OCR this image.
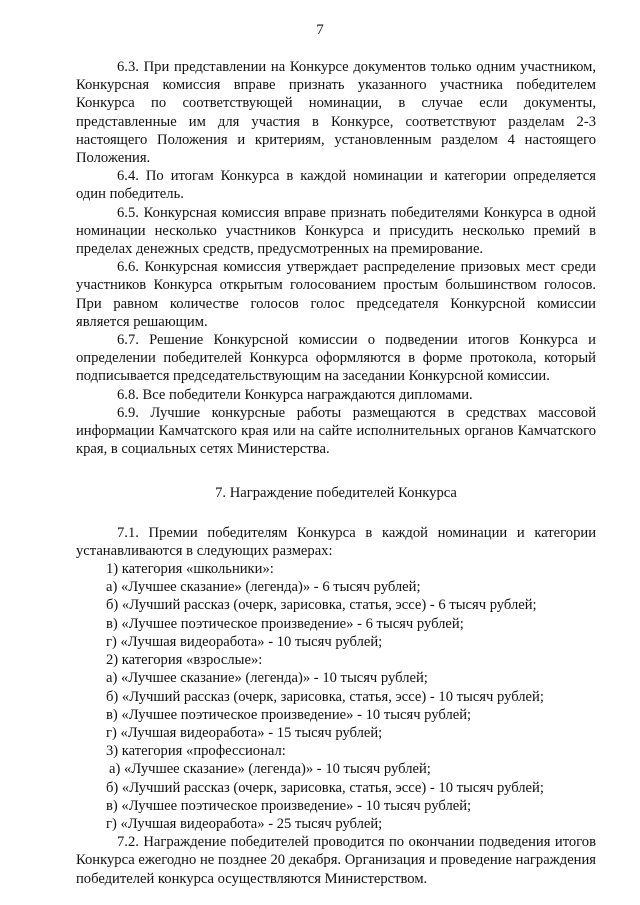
7

6.3. При представлении на Конкурсе документов только одним участником, Конкурсная комиссия вправе признать указанного участника победителем Конкурса по соответствующей номинации, в случае если документы, представленные им для участия в Конкурсе, соответствуют разделам 2-3 настоящего Положения и критериям, установленным разделом 4 настоящего Положения.

6.4. По итогам Конкурса в каждой номинации и категории определяется один победитель.

6.5. Конкурсная комиссия вправе признать победителями Конкурса в одной номинации несколько участников Конкурса и присудить несколько премий в пределах денежных средств, предусмотренных на премирование.

6.6. Конкурсная комиссия утверждает распределение призовых мест среди участников Конкурса открытым голосованием простым большинством голосов. При равном количестве голосов голос председателя Конкурсной комиссии является решающим.

6.7. Решение Конкурсной комиссии о подведении итогов Конкурса и определении победителей Конкурса оформляются в форме протокола, который подписывается председательствующим на заседании Конкурсной комиссии.

6.8. Все победители Конкурса награждаются дипломами.

6.9. Лучшие конкурсные работы размещаются в средствах массовой информации Камчатского края или на сайте исполнительных органов Камчатского края, в социальных сетях Министерства.

7. Награждение победителей Конкурса

7.1. Премии победителям Конкурса в каждой номинации и категории устанавливаются в следующих размерах:

1) категория «школьники»:

а) «Лучшее сказание» (легенда)» - 6 тысяч рублей;

б) «Лучший рассказ (очерк, зарисовка, статья, эссе) - 6 тысяч рублей;

в) «Лучшее поэтическое произведение» - 6 тысяч рублей;

г) «Лучшая видеоработа» - 10 тысяч рублей;

2) категория «взрослые»:

а) «Лучшее сказание» (легенда)» - 10 тысяч рублей;

б) «Лучший рассказ (очерк, зарисовка, статья, эссе) - 10 тысяч рублей;

в) «Лучшее поэтическое произведение» - 10 тысяч рублей;

г) «Лучшая видеоработа» - 15 тысяч рублей;

3) категория «профессионал:

а) «Лучшее сказание» (легенда)» - 10 тысяч рублей;

б) «Лучший рассказ (очерк, зарисовка, статья, эссе) - 10 тысяч рублей;

в) «Лучшее поэтическое произведение» - 10 тысяч рублей;

г) «Лучшая видеоработа» - 25 тысяч рублей;

7.2. Награждение победителей проводится по окончании подведения итогов Конкурса ежегодно не позднее 20 декабря. Организация и проведение награждения победителей конкурса осуществляются Министерством.
